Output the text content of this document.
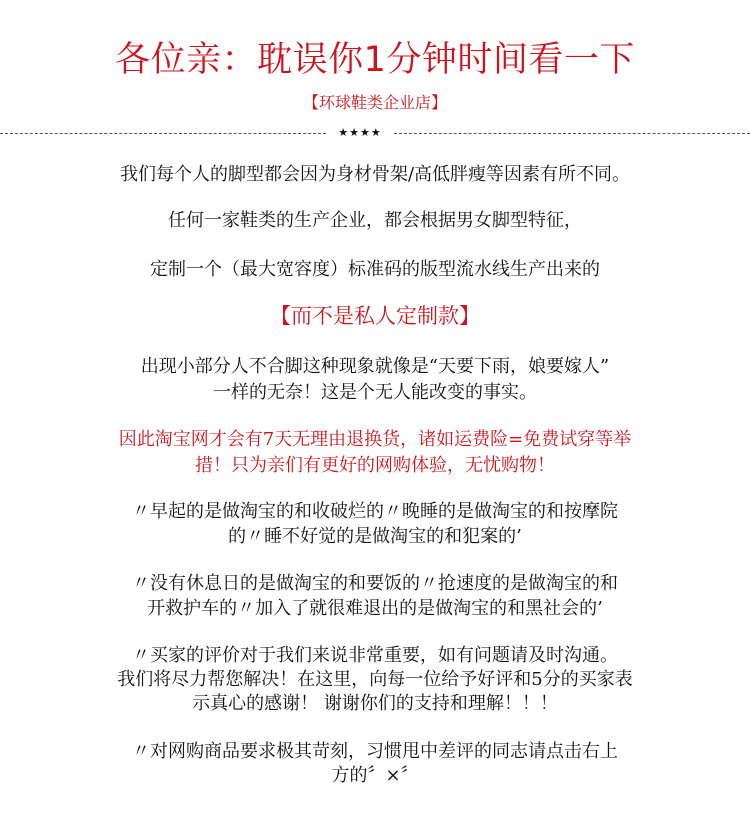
各位亲：耽误你1分钟时间看一下
【环球鞋类企业店】
★★★★
我们每个人的脚型都会因为身材骨架/高低胖瘦等因素有所不同。
任何一家鞋类的生产企业，都会根据男女脚型特征，
定制一个（最大宽容度）标准码的版型流水线生产出来的
【而不是私人定制款】
出现小部分人不合脚这种现象就像是“天要下雨，娘要嫁人”
一样的无奈！这是个无人能改变的事实。
因此淘宝网才会有7天无理由退换货，诸如运费险=免费试穿等举
措！只为亲们有更好的网购体验，无忧购物！
〃早起的是做淘宝的和收破烂的〃晚睡的是做淘宝的和按摩院
的〃睡不好觉的是做淘宝的和犯案的’
〃没有休息日的是做淘宝的和要饭的〃抢速度的是做淘宝的和
开救护车的〃加入了就很难退出的是做淘宝的和黑社会的’
〃买家的评价对于我们来说非常重要，如有问题请及时沟通。
我们将尽力帮您解决！在这里，向每一位给予好评和5分的买家表
示真心的感谢！ 谢谢你们的支持和理解！！！
〃对网购商品要求极其苛刻，习惯甩中差评的同志请点击右上
方的〞×〞
